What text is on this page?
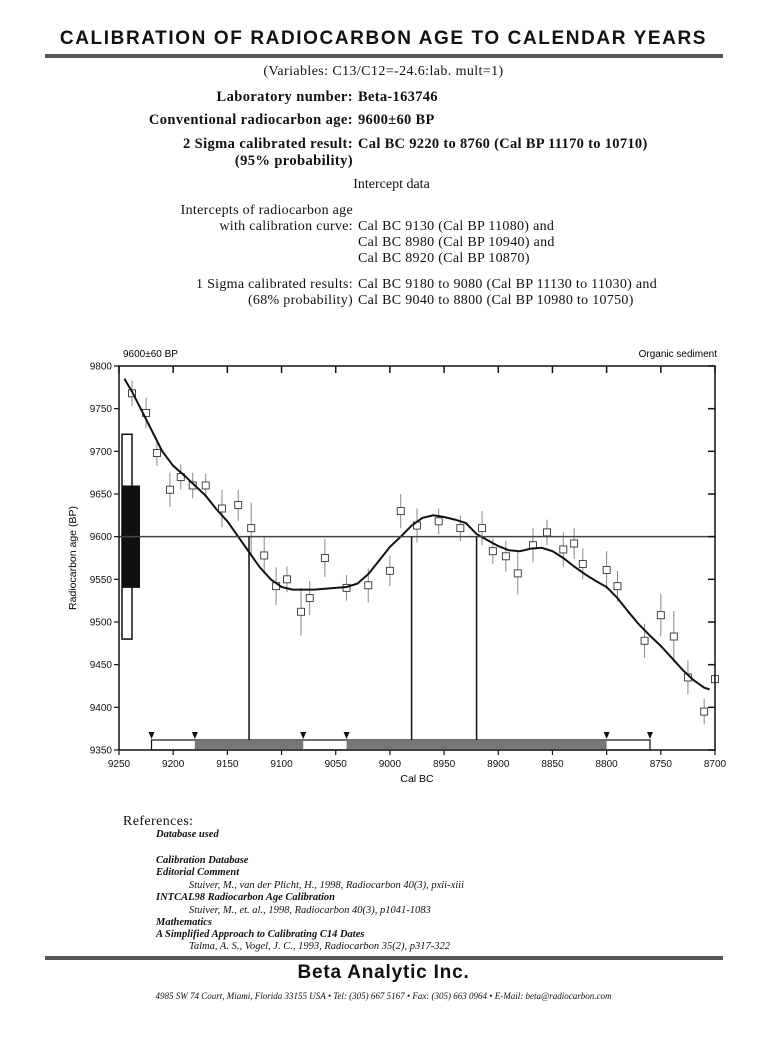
CALIBRATION OF RADIOCARBON AGE TO CALENDAR YEARS
(Variables: C13/C12=-24.6:lab. mult=1)
Laboratory number: Beta-163746
Conventional radiocarbon age: 9600±60 BP
2 Sigma calibrated result:
(95% probability)
Cal BC 9220 to 8760 (Cal BP 11170 to 10710)
Intercept data
Intercepts of radiocarbon age
with calibration curve: Cal BC 9130 (Cal BP 11080) and
Cal BC 8980 (Cal BP 10940) and
Cal BC 8920 (Cal BP 10870)
1 Sigma calibrated results:
(68% probability)
Cal BC 9180 to 9080 (Cal BP 11130 to 11030) and
Cal BC 9040 to 8800 (Cal BP 10980 to 10750)
9250	9200	9150	9100	9050	9000	8950	8900	8850	8800	8750	8700
9350
9400
9450
9500
9550
9600
9650
9700
9750
9800
9600±60 BP	Organic sediment
Cal BC
Radiocarbon age (BP)
References:
Database used
Calibration Database
Editorial Comment
Stuiver, M., van der Plicht, H., 1998, Radiocarbon 40(3), pxii-xiii
INTCAL98 Radiocarbon Age Calibration
Stuiver, M., et. al., 1998, Radiocarbon 40(3), p1041-1083
Mathematics
A Simplified Approach to Calibrating C14 Dates
Talma, A. S., Vogel, J. C., 1993, Radiocarbon 35(2), p317-322
Beta Analytic Inc.
4985 SW 74 Court, Miami, Florida 33155 USA • Tel: (305) 667 5167 • Fax: (305) 663 0964 • E-Mail: beta@radiocarbon.com
